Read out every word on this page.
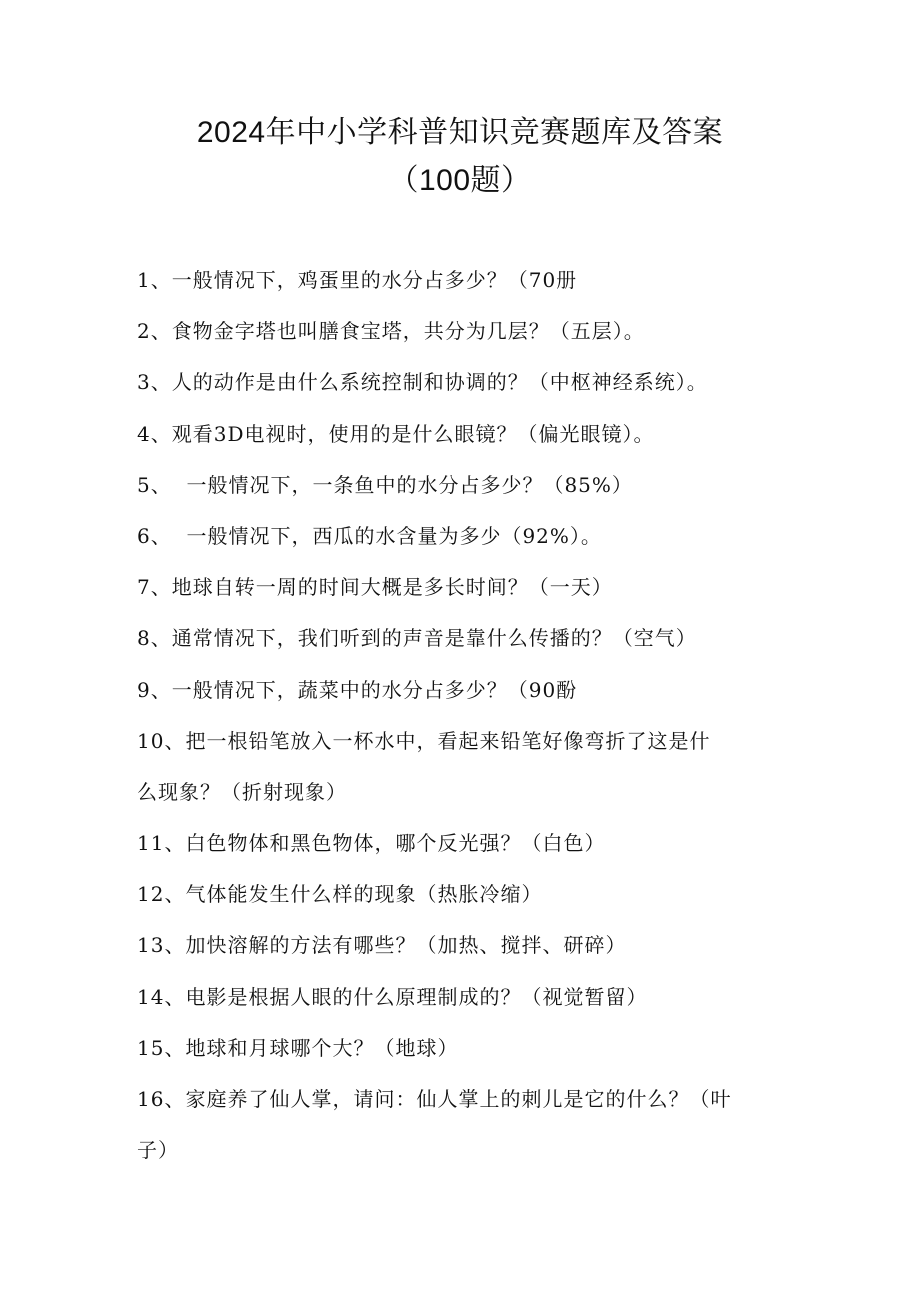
2024年中小学科普知识竞赛题库及答案
（100题）
1、一般情况下，鸡蛋里的水分占多少？（70册
2、食物金字塔也叫膳食宝塔，共分为几层？（五层）。
3、人的动作是由什么系统控制和协调的？（中枢神经系统）。
4、观看3D电视时，使用的是什么眼镜？（偏光眼镜）。
5、  一般情况下，一条鱼中的水分占多少？（85%）
6、  一般情况下，西瓜的水含量为多少（92%）。
7、地球自转一周的时间大概是多长时间？（一天）
8、通常情况下，我们听到的声音是靠什么传播的？（空气）
9、一般情况下，蔬菜中的水分占多少？（90酚
10、把一根铅笔放入一杯水中，看起来铅笔好像弯折了这是什
么现象？（折射现象）
11、白色物体和黑色物体，哪个反光强？（白色）
12、气体能发生什么样的现象（热胀冷缩）
13、加快溶解的方法有哪些？（加热、搅拌、研碎）
14、电影是根据人眼的什么原理制成的？（视觉暂留）
15、地球和月球哪个大？（地球）
16、家庭养了仙人掌，请问：仙人掌上的刺儿是它的什么？（叶
子）
